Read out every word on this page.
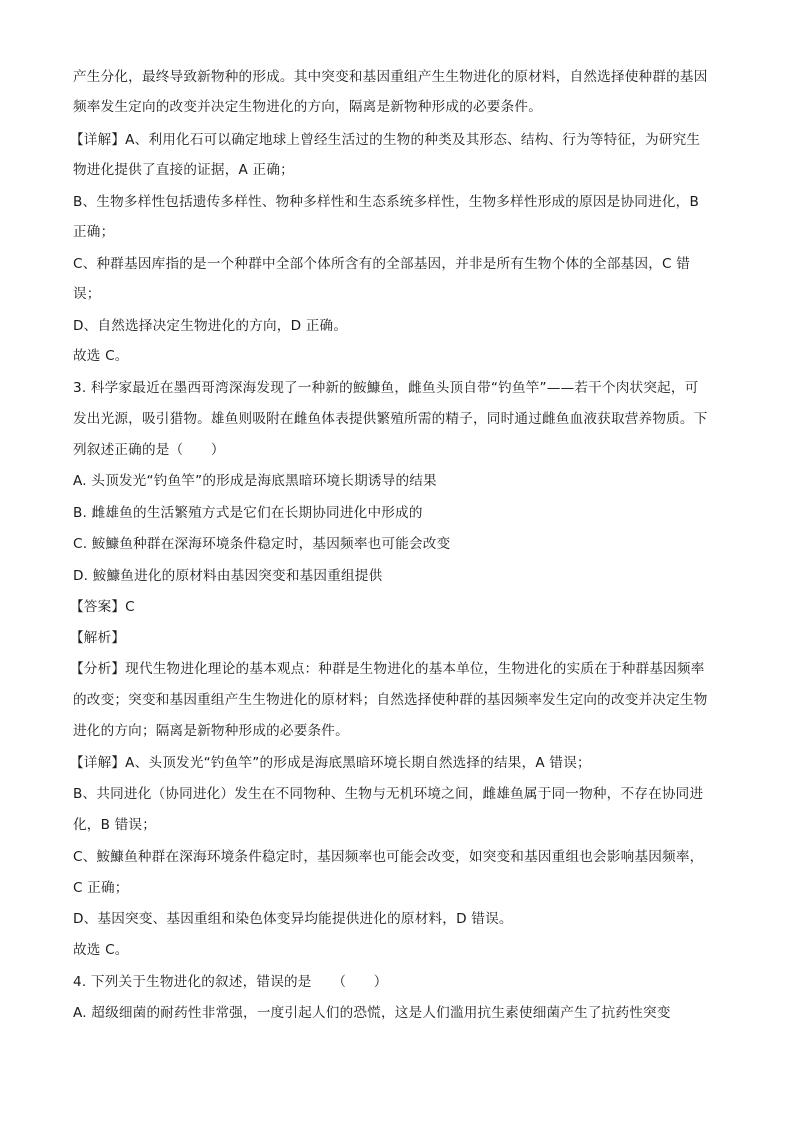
产生分化，最终导致新物种的形成。其中突变和基因重组产生生物进化的原材料，自然选择使种群的基因
频率发生定向的改变并决定生物进化的方向，隔离是新物种形成的必要条件。
【详解】A、利用化石可以确定地球上曾经生活过的生物的种类及其形态、结构、行为等特征，为研究生
物进化提供了直接的证据，A 正确；
B、生物多样性包括遗传多样性、物种多样性和生态系统多样性，生物多样性形成的原因是协同进化，B
正确；
C、种群基因库指的是一个种群中全部个体所含有的全部基因，并非是所有生物个体的全部基因，C 错
误；
D、自然选择决定生物进化的方向，D 正确。
故选 C。
3. 科学家最近在墨西哥湾深海发现了一种新的鮟鱇鱼，雌鱼头顶自带“钓鱼竿”——若干个肉状突起，可
发出光源，吸引猎物。雄鱼则吸附在雌鱼体表提供繁殖所需的精子，同时通过雌鱼血液获取营养物质。下
列叙述正确的是（　　）
A. 头顶发光“钓鱼竿”的形成是海底黑暗环境长期诱导的结果
B. 雌雄鱼的生活繁殖方式是它们在长期协同进化中形成的
C. 鮟鱇鱼种群在深海环境条件稳定时，基因频率也可能会改变
D. 鮟鱇鱼进化的原材料由基因突变和基因重组提供
【答案】C
【解析】
【分析】现代生物进化理论的基本观点：种群是生物进化的基本单位，生物进化的实质在于种群基因频率
的改变；突变和基因重组产生生物进化的原材料；自然选择使种群的基因频率发生定向的改变并决定生物
进化的方向；隔离是新物种形成的必要条件。
【详解】A、头顶发光“钓鱼竿”的形成是海底黑暗环境长期自然选择的结果，A 错误；
B、共同进化（协同进化）发生在不同物种、生物与无机环境之间，雌雄鱼属于同一物种，不存在协同进
化，B 错误；
C、鮟鱇鱼种群在深海环境条件稳定时，基因频率也可能会改变，如突变和基因重组也会影响基因频率，
C 正确；
D、基因突变、基因重组和染色体变异均能提供进化的原材料，D 错误。
故选 C。
4. 下列关于生物进化的叙述，错误的是　　（　　）
A. 超级细菌的耐药性非常强，一度引起人们的恐慌，这是人们滥用抗生素使细菌产生了抗药性突变
